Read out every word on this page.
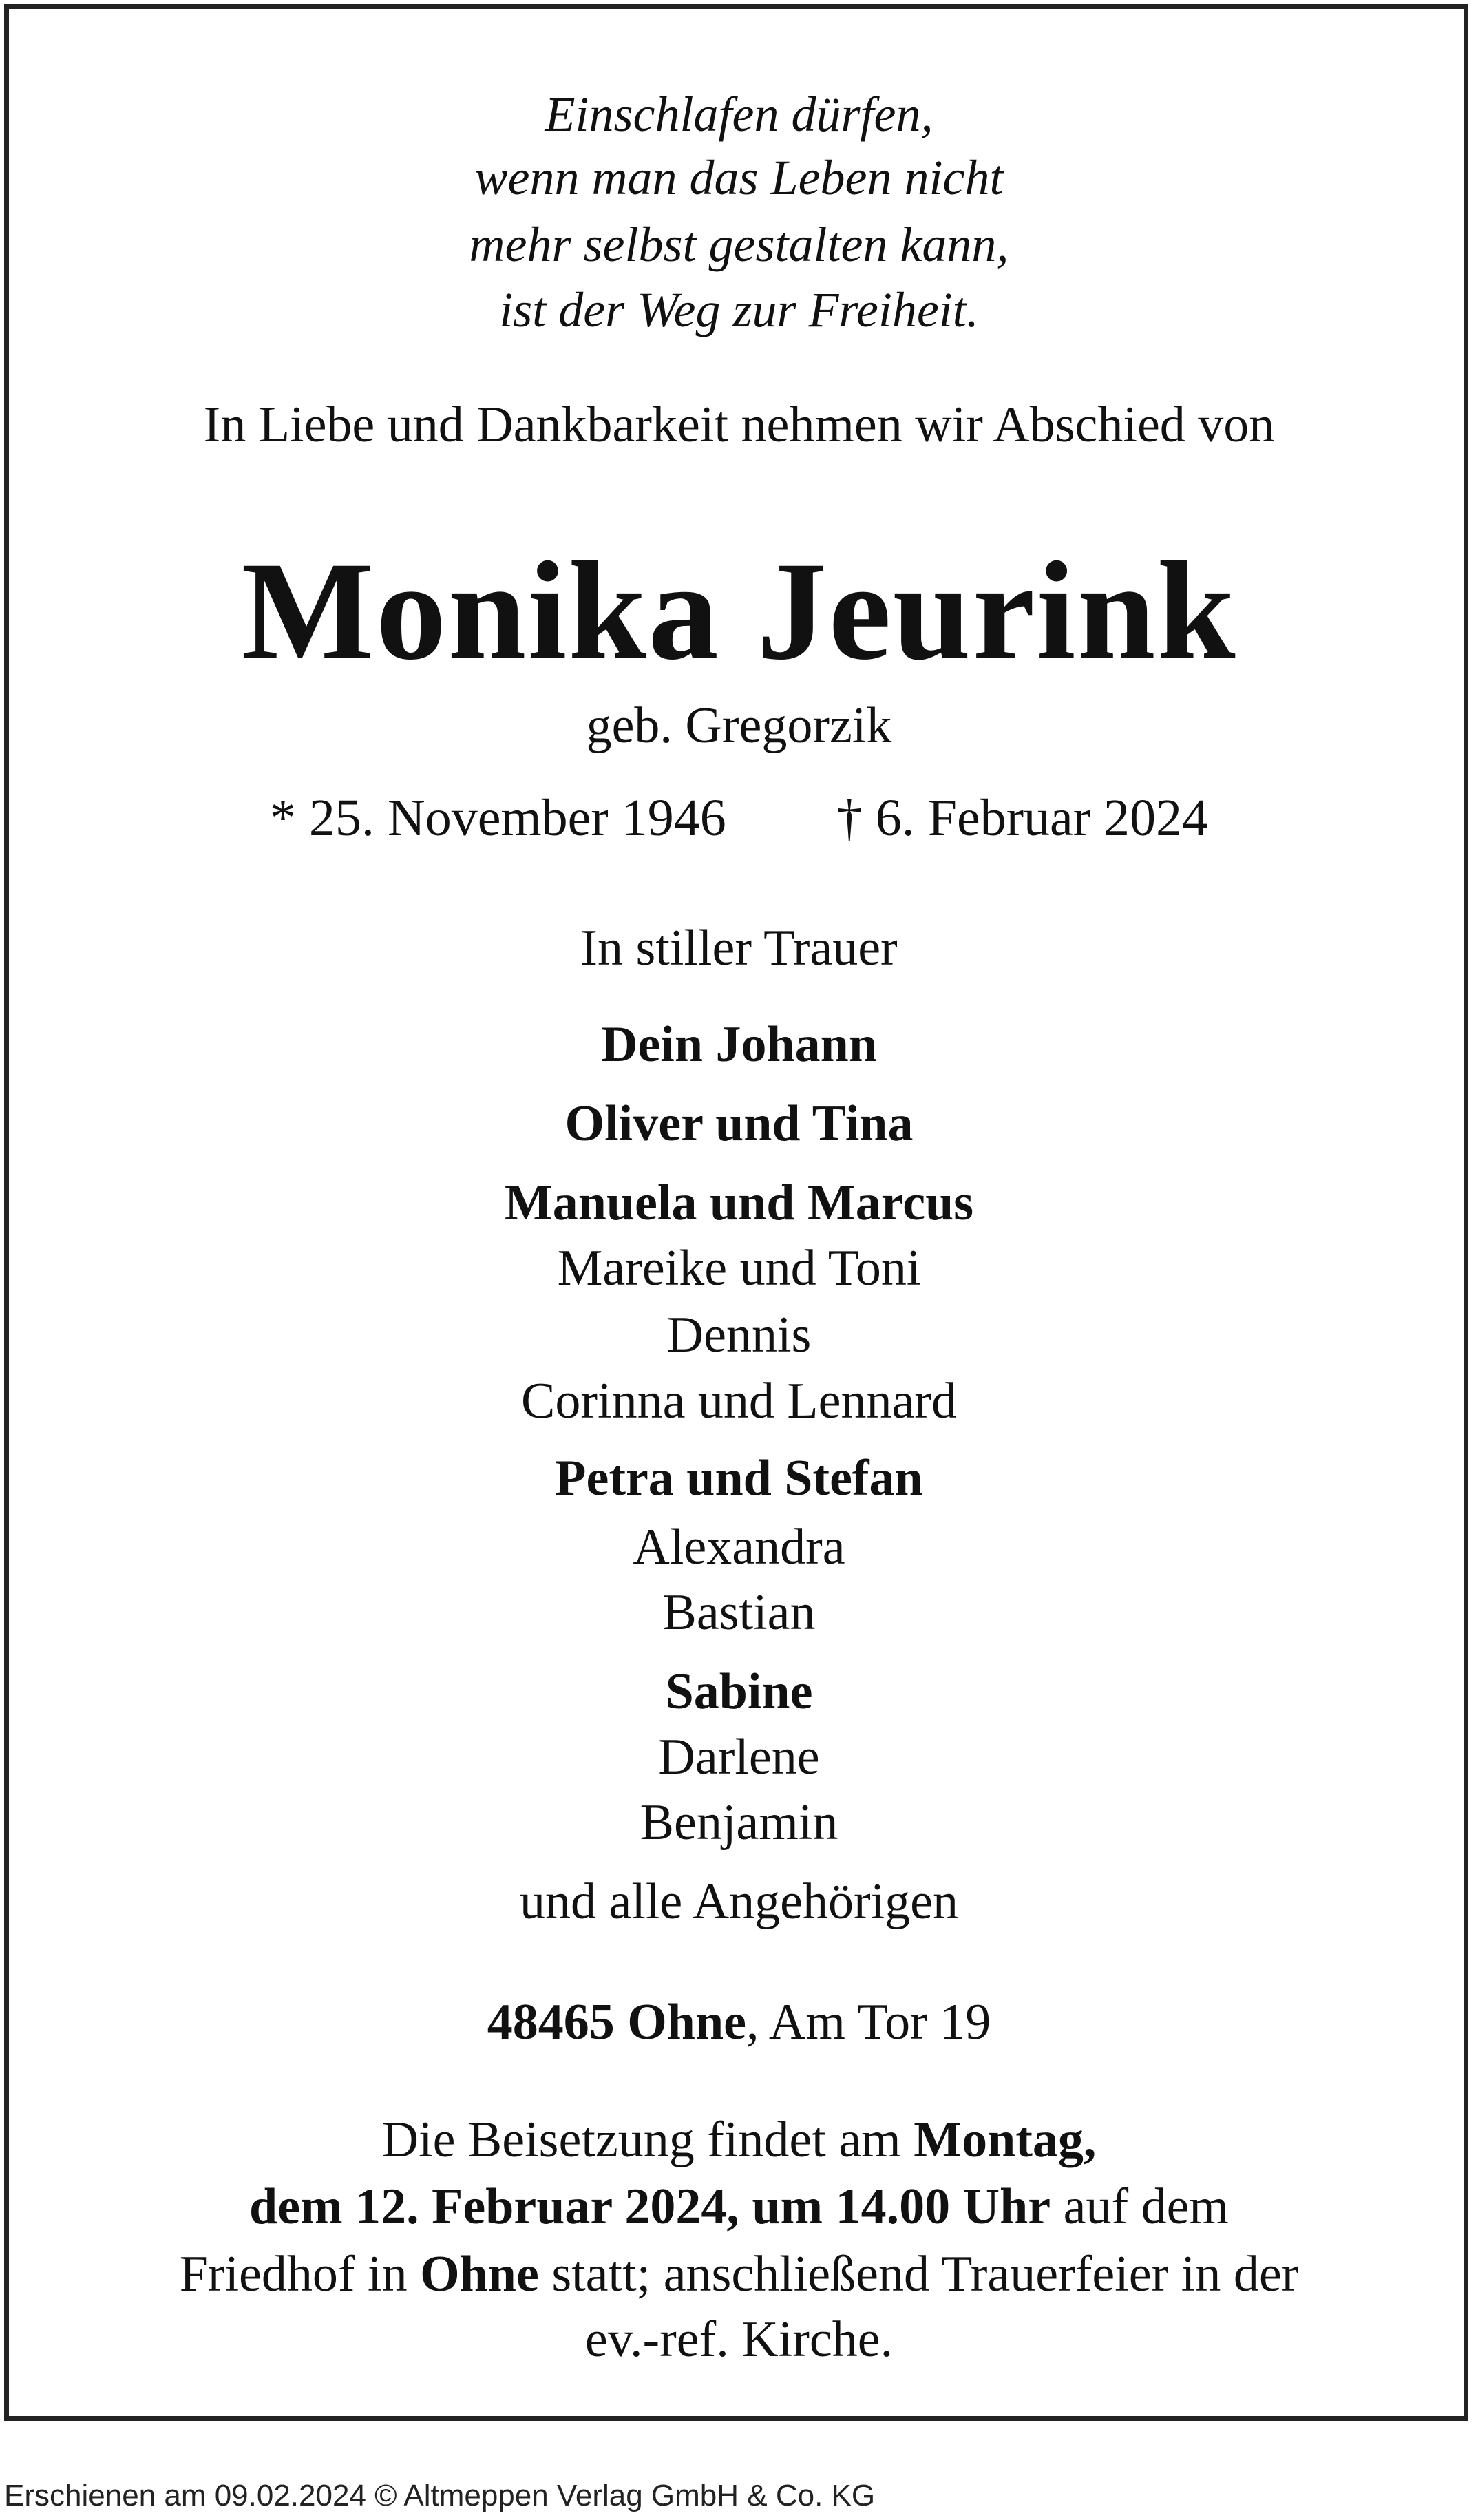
Einschlafen dürfen,
wenn man das Leben nicht
mehr selbst gestalten kann,
ist der Weg zur Freiheit.
In Liebe und Dankbarkeit nehmen wir Abschied von
Monika Jeurink
geb. Gregorzik
* 25. November 1946 † 6. Februar 2024
In stiller Trauer
Dein Johann
Oliver und Tina
Manuela und Marcus
Mareike und Toni
Dennis
Corinna und Lennard
Petra und Stefan
Alexandra
Bastian
Sabine
Darlene
Benjamin
und alle Angehörigen
48465 Ohne, Am Tor 19
Die Beisetzung findet am Montag,
dem 12. Februar 2024, um 14.00 Uhr auf dem
Friedhof in Ohne statt; anschließend Trauerfeier in der
ev.-ref. Kirche.
Erschienen am 09.02.2024 © Altmeppen Verlag GmbH & Co. KG
